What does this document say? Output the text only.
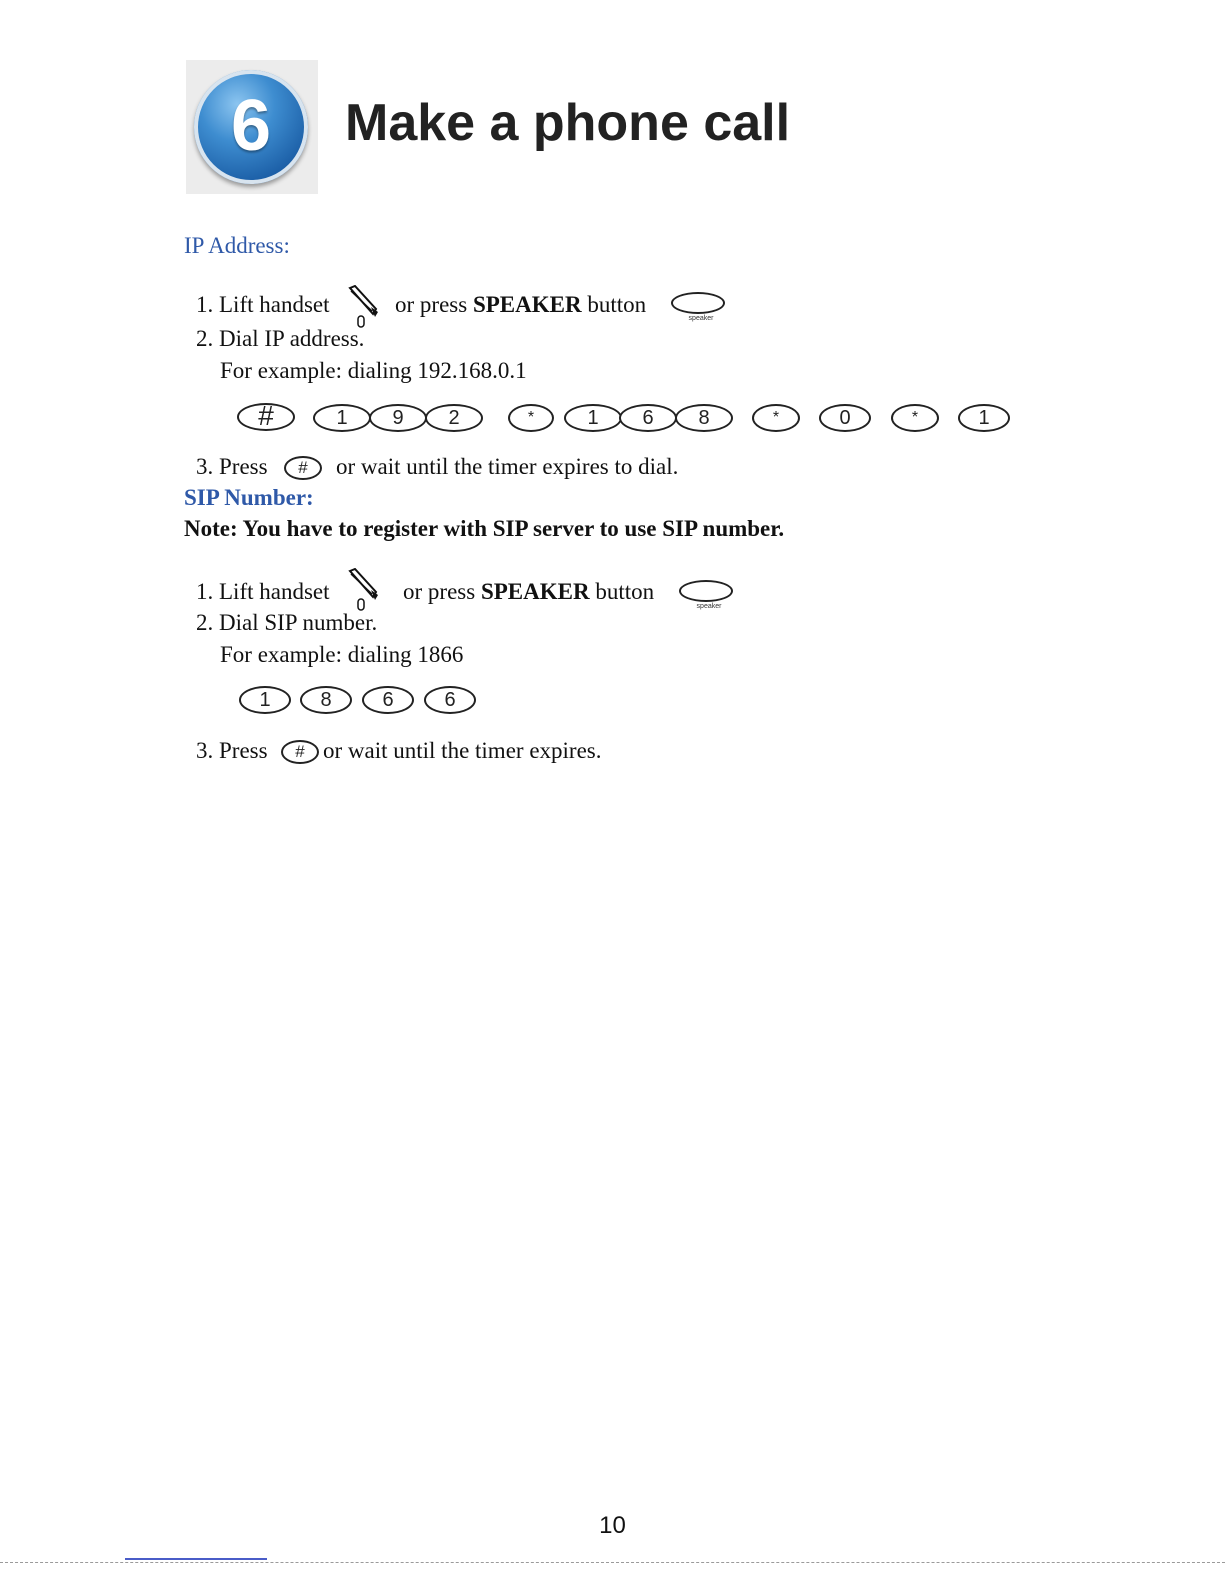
6	Make a phone call
IP Address:
1. Lift handset	or press SPEAKER button
speaker
2. Dial IP address.
For example: dialing 192.168.0.1
#	1	9	2	*	1	6	8	*	0	*	1
3. Press	#	or wait until the timer expires to dial.
SIP Number:
Note: You have to register with SIP server to use SIP number.
1. Lift handset	or press SPEAKER button
speaker
2. Dial SIP number.
For example: dialing 1866
1	8	6	6
3. Press	# or wait until the timer expires.
10
